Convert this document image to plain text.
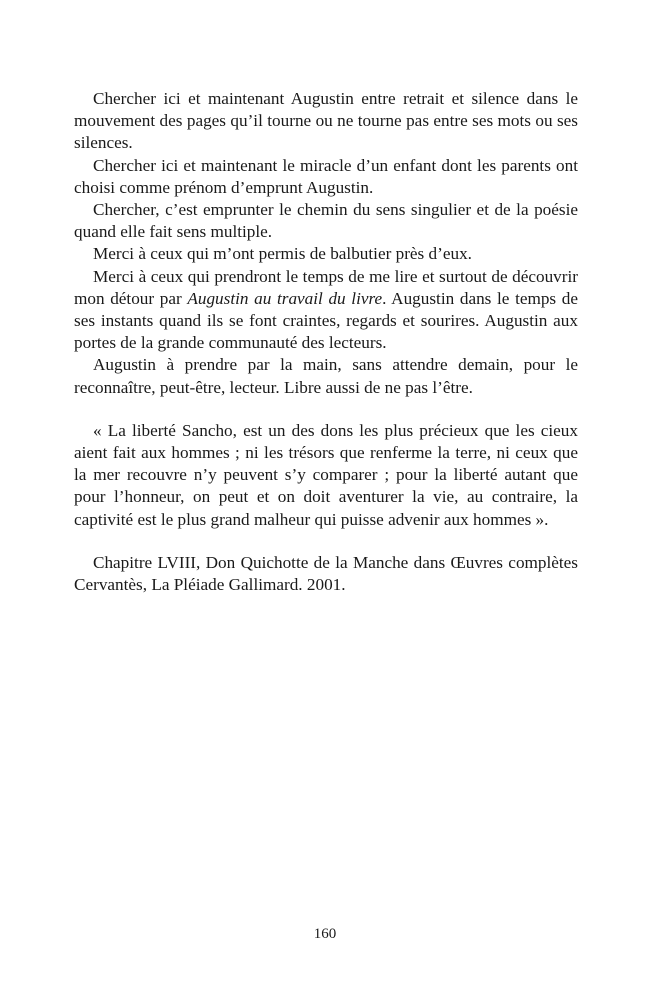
Chercher ici et maintenant Augustin entre retrait et silence dans le mouvement des pages qu’il tourne ou ne tourne pas entre ses mots ou ses silences.

Chercher ici et maintenant le miracle d’un enfant dont les parents ont choisi comme prénom d’emprunt Augustin.

Chercher, c’est emprunter le chemin du sens singulier et de la poésie quand elle fait sens multiple.

Merci à ceux qui m’ont permis de balbutier près d’eux.

Merci à ceux qui prendront le temps de me lire et surtout de découvrir mon détour par Augustin au travail du livre. Augustin dans le temps de ses instants quand ils se font craintes, regards et sourires. Augustin aux portes de la grande communauté des lecteurs.

Augustin à prendre par la main, sans attendre demain, pour le reconnaître, peut-être, lecteur. Libre aussi de ne pas l’être.

« La liberté Sancho, est un des dons les plus précieux que les cieux aient fait aux hommes ; ni les trésors que renferme la terre, ni ceux que la mer recouvre n’y peuvent s’y comparer ; pour la liberté autant que pour l’honneur, on peut et on doit aventurer la vie, au contraire, la captivité est le plus grand malheur qui puisse advenir aux hommes ».

Chapitre LVIII, Don Quichotte de la Manche dans Œuvres complètes Cervantès, La Pléiade Gallimard. 2001.

160
